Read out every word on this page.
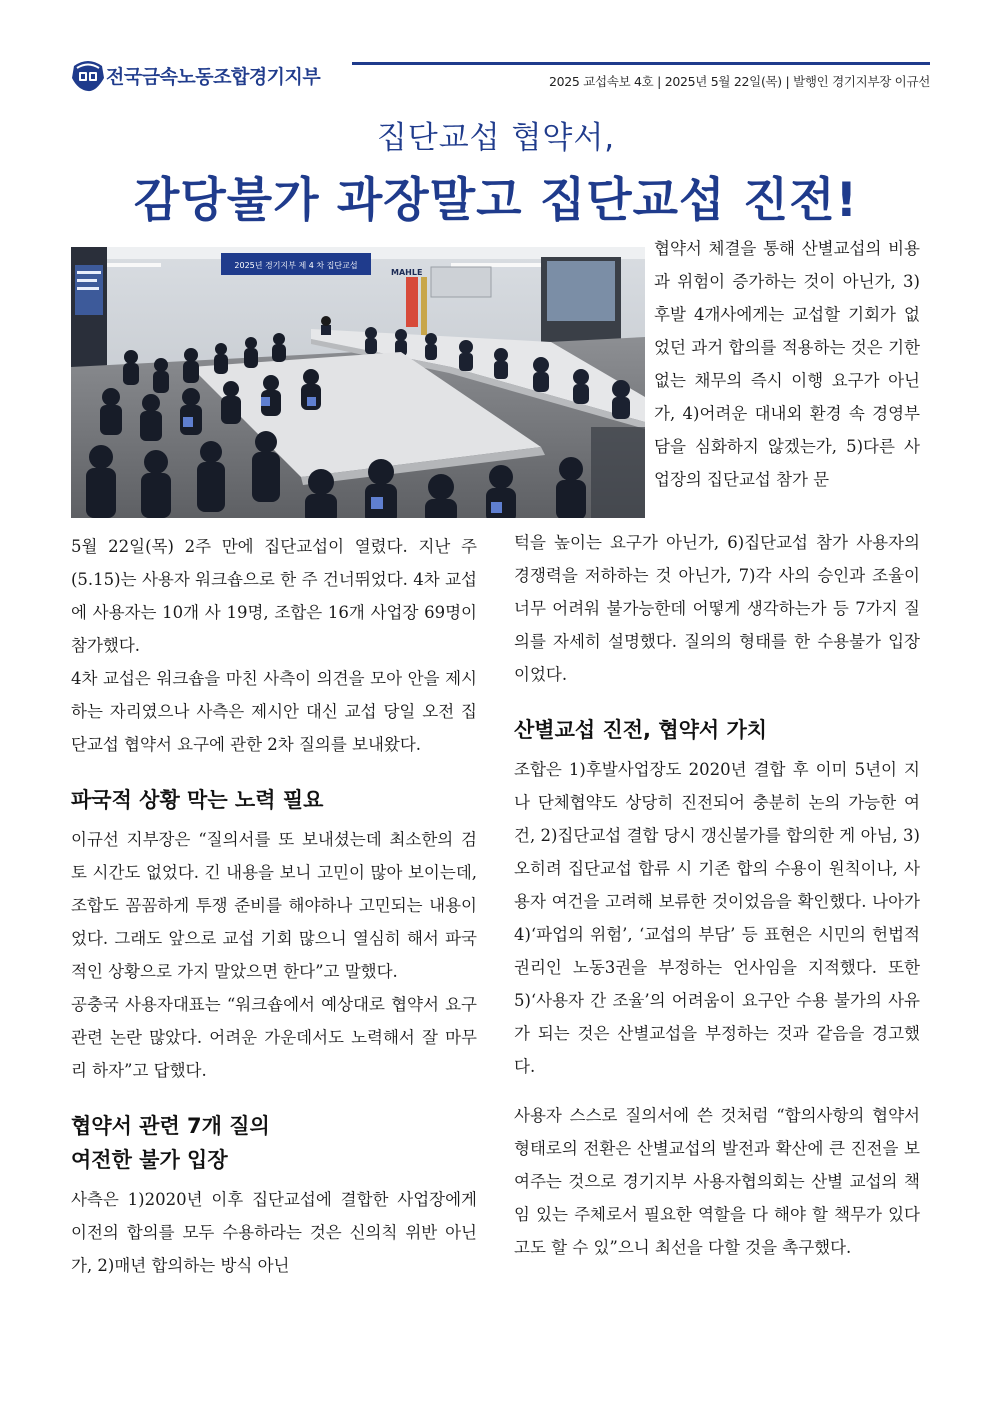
전국금속노동조합경기지부	2025 교섭속보 4호 | 2025년 5월 22일(목) | 발행인 경기지부장 이규선
집단교섭 협약서,
감당불가 과장말고 집단교섭 진전!
2025년 경기지부 제 4 차 집단교섭
MAHLE

5월 22일(목) 2주 만에 집단교섭이 열렸다. 지난 주(5.15)는 사용자 워크숍으로 한 주 건너뛰었다. 4차 교섭에 사용자는 10개 사 19명, 조합은 16개 사업장 69명이 참가했다.

4차 교섭은 워크숍을 마친 사측이 의견을 모아 안을 제시하는 자리였으나 사측은 제시안 대신 교섭 당일 오전 집단교섭 협약서 요구에 관한 2차 질의를 보내왔다.

파국적 상황 막는 노력 필요

이규선 지부장은 “질의서를 또 보내셨는데 최소한의 검토 시간도 없었다. 긴 내용을 보니 고민이 많아 보이는데, 조합도 꼼꼼하게 투쟁 준비를 해야하나 고민되는 내용이었다. 그래도 앞으로 교섭 기회 많으니 열심히 해서 파국적인 상황으로 가지 말았으면 한다”고 말했다.

공충국 사용자대표는 “워크숍에서 예상대로 협약서 요구 관련 논란 많았다. 어려운 가운데서도 노력해서 잘 마무리 하자”고 답했다.

협약서 관련 7개 질의
여전한 불가 입장

사측은 1)2020년 이후 집단교섭에 결합한 사업장에게 이전의 합의를 모두 수용하라는 것은 신의칙 위반 아닌가, 2)매년 합의하는 방식 아닌

협약서 체결을 통해 산별교섭의 비용과 위험이 증가하는 것이 아닌가, 3)후발 4개사에게는 교섭할 기회가 없었던 과거 합의를 적용하는 것은 기한 없는 채무의 즉시 이행 요구가 아닌가, 4)어려운 대내외 환경 속 경영부담을 심화하지 않겠는가, 5)다른 사업장의 집단교섭 참가 문

턱을 높이는 요구가 아닌가, 6)집단교섭 참가 사용자의 경쟁력을 저하하는 것 아닌가, 7)각 사의 승인과 조율이 너무 어려워 불가능한데 어떻게 생각하는가 등 7가지 질의를 자세히 설명했다. 질의의 형태를 한 수용불가 입장이었다.

산별교섭 진전, 협약서 가치

조합은 1)후발사업장도 2020년 결합 후 이미 5년이 지나 단체협약도 상당히 진전되어 충분히 논의 가능한 여건, 2)집단교섭 결합 당시 갱신불가를 합의한 게 아님, 3)오히려 집단교섭 합류 시 기존 합의 수용이 원칙이나, 사용자 여건을 고려해 보류한 것이었음을 확인했다. 나아가 4)‘파업의 위험’, ‘교섭의 부담’ 등 표현은 시민의 헌법적 권리인 노동3권을 부정하는 언사임을 지적했다. 또한 5)‘사용자 간 조율’의 어려움이 요구안 수용 불가의 사유가 되는 것은 산별교섭을 부정하는 것과 같음을 경고했다.

사용자 스스로 질의서에 쓴 것처럼 “합의사항의 협약서 형태로의 전환은 산별교섭의 발전과 확산에 큰 진전을 보여주는 것으로 경기지부 사용자협의회는 산별 교섭의 책임 있는 주체로서 필요한 역할을 다 해야 할 책무가 있다고도 할 수 있”으니 최선을 다할 것을 촉구했다.
